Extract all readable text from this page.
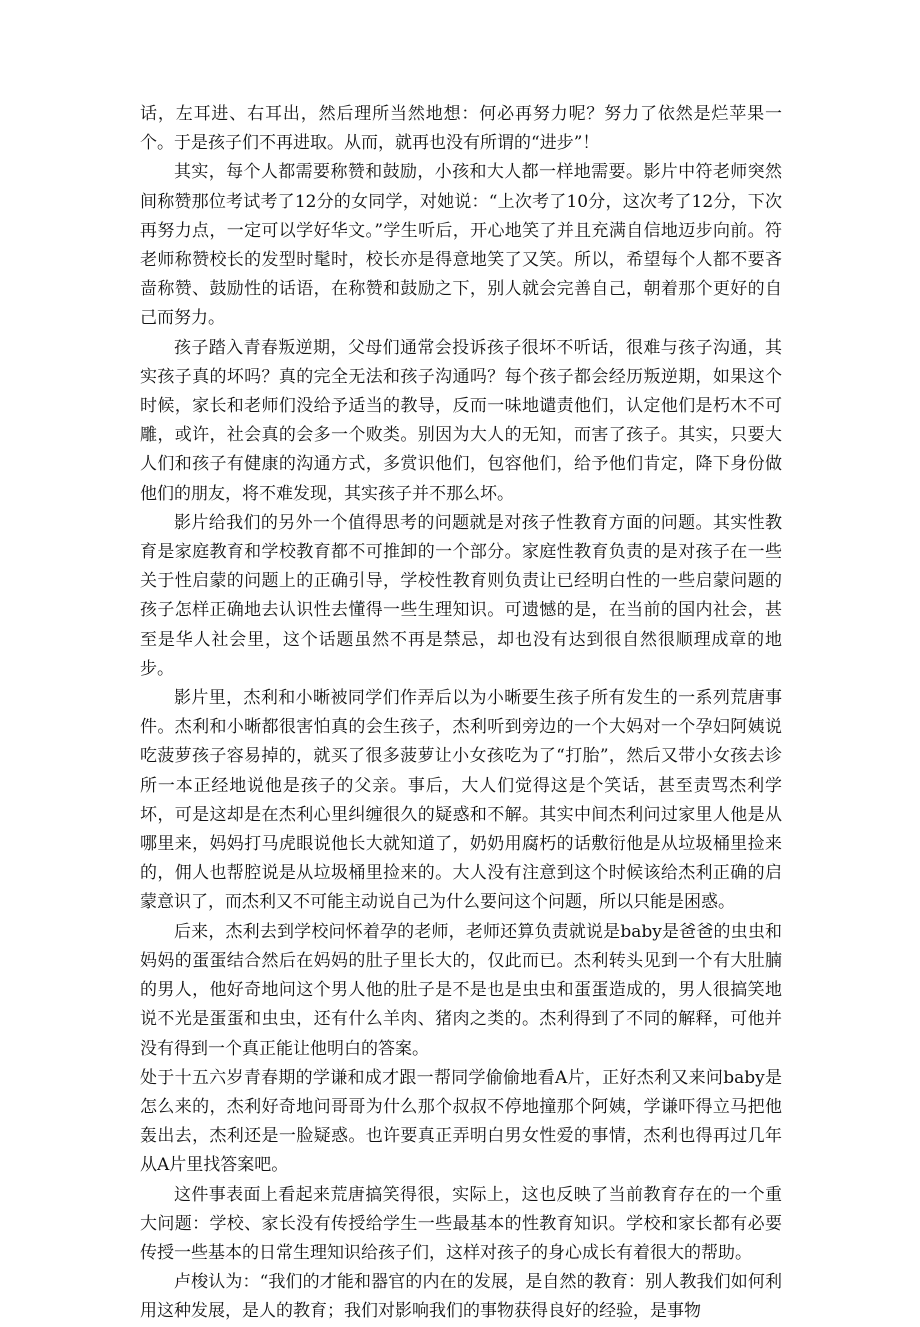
话，左耳进、右耳出，然后理所当然地想：何必再努力呢？努力了依然是烂苹果一个。于是孩子们不再进取。从而，就再也没有所谓的“进步”！

其实，每个人都需要称赞和鼓励，小孩和大人都一样地需要。影片中符老师突然间称赞那位考试考了12分的女同学，对她说：“上次考了10分，这次考了12分，下次再努力点，一定可以学好华文。”学生听后，开心地笑了并且充满自信地迈步向前。符老师称赞校长的发型时髦时，校长亦是得意地笑了又笑。所以，希望每个人都不要吝啬称赞、鼓励性的话语，在称赞和鼓励之下，别人就会完善自己，朝着那个更好的自己而努力。

孩子踏入青春叛逆期，父母们通常会投诉孩子很坏不听话，很难与孩子沟通，其实孩子真的坏吗？真的完全无法和孩子沟通吗？每个孩子都会经历叛逆期，如果这个时候，家长和老师们没给予适当的教导，反而一味地谴责他们，认定他们是朽木不可雕，或许，社会真的会多一个败类。别因为大人的无知，而害了孩子。其实，只要大人们和孩子有健康的沟通方式，多赏识他们，包容他们，给予他们肯定，降下身份做他们的朋友，将不难发现，其实孩子并不那么坏。

影片给我们的另外一个值得思考的问题就是对孩子性教育方面的问题。其实性教育是家庭教育和学校教育都不可推卸的一个部分。家庭性教育负责的是对孩子在一些关于性启蒙的问题上的正确引导，学校性教育则负责让已经明白性的一些启蒙问题的孩子怎样正确地去认识性去懂得一些生理知识。可遗憾的是，在当前的国内社会，甚至是华人社会里，这个话题虽然不再是禁忌，却也没有达到很自然很顺理成章的地步。

影片里，杰利和小晰被同学们作弄后以为小晰要生孩子所有发生的一系列荒唐事件。杰利和小晰都很害怕真的会生孩子，杰利听到旁边的一个大妈对一个孕妇阿姨说吃菠萝孩子容易掉的，就买了很多菠萝让小女孩吃为了“打胎”，然后又带小女孩去诊所一本正经地说他是孩子的父亲。事后，大人们觉得这是个笑话，甚至责骂杰利学坏，可是这却是在杰利心里纠缠很久的疑惑和不解。其实中间杰利问过家里人他是从哪里来，妈妈打马虎眼说他长大就知道了，奶奶用腐朽的话敷衍他是从垃圾桶里捡来的，佣人也帮腔说是从垃圾桶里捡来的。大人没有注意到这个时候该给杰利正确的启蒙意识了，而杰利又不可能主动说自己为什么要问这个问题，所以只能是困惑。

后来，杰利去到学校问怀着孕的老师，老师还算负责就说是baby是爸爸的虫虫和妈妈的蛋蛋结合然后在妈妈的肚子里长大的，仅此而已。杰利转头见到一个有大肚腩的男人，他好奇地问这个男人他的肚子是不是也是虫虫和蛋蛋造成的，男人很搞笑地说不光是蛋蛋和虫虫，还有什么羊肉、猪肉之类的。杰利得到了不同的解释，可他并没有得到一个真正能让他明白的答案。

处于十五六岁青春期的学谦和成才跟一帮同学偷偷地看A片，正好杰利又来问baby是怎么来的，杰利好奇地问哥哥为什么那个叔叔不停地撞那个阿姨，学谦吓得立马把他轰出去，杰利还是一脸疑惑。也许要真正弄明白男女性爱的事情，杰利也得再过几年从A片里找答案吧。

这件事表面上看起来荒唐搞笑得很，实际上，这也反映了当前教育存在的一个重大问题：学校、家长没有传授给学生一些最基本的性教育知识。学校和家长都有必要传授一些基本的日常生理知识给孩子们，这样对孩子的身心成长有着很大的帮助。

卢梭认为：“我们的才能和器官的内在的发展，是自然的教育：别人教我们如何利用这种发展，是人的教育；我们对影响我们的事物获得良好的经验，是事物
